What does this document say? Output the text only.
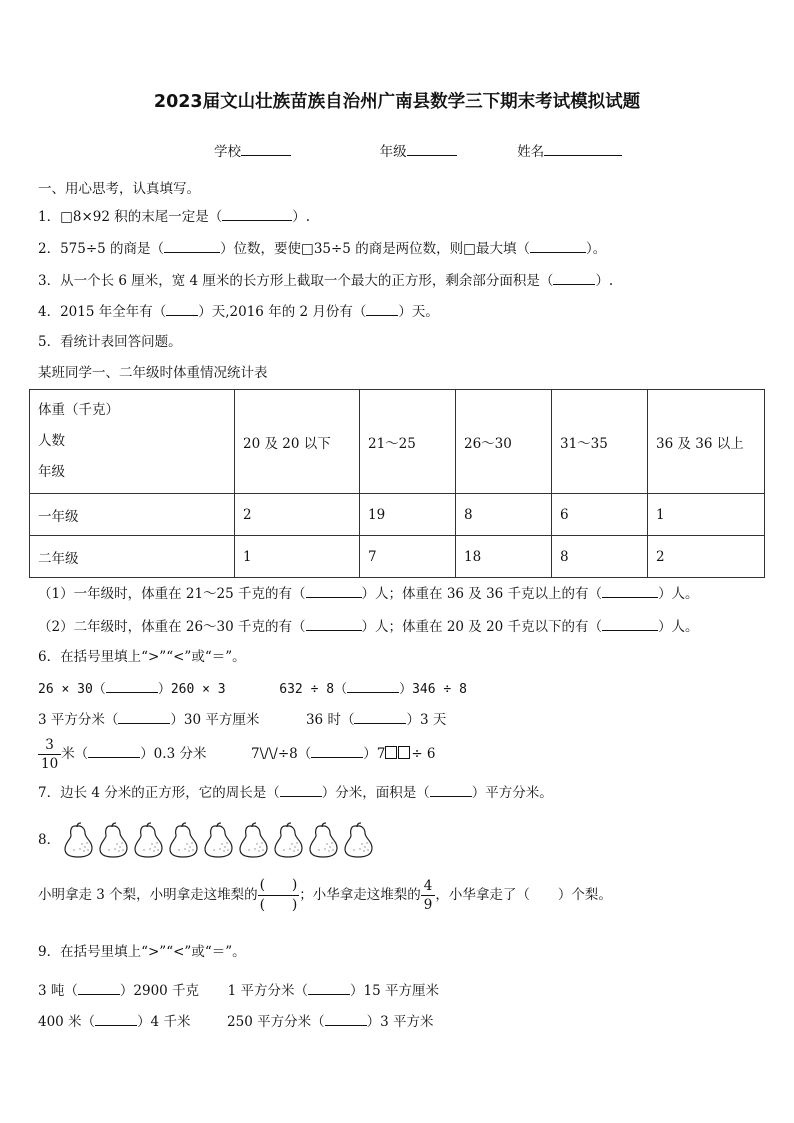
2023届文山壮族苗族自治州广南县数学三下期末考试模拟试题
学校	年级	姓名
一、用心思考，认真填写。
1．□8×92 积的末尾一定是（	）.
2．575÷5 的商是（	）位数，要使□35÷5 的商是两位数，则□最大填（	）。
3．从一个长 6 厘米，宽 4 厘米的长方形上截取一个最大的正方形，剩余部分面积是（	）.
4．2015 年全年有（ ）天,2016 年的 2 月份有（ ）天。
5．看统计表回答问题。
某班同学一、二年级时体重情况统计表
体重（千克）
人数
年级	20 及 20 以下	21～25	26～30	31～35	36 及 36 以上
一年级	2	19	8	6	1
二年级	1	7	18	8	2
（1）一年级时，体重在 21～25 千克的有（	）人；体重在 36 及 36 千克以上的有（	）人。
（2）二年级时，体重在 26～30 千克的有（	）人；体重在 20 及 20 千克以下的有（	）人。
6．在括号里填上“>”“<”或“＝”。
26 × 30（	）260 × 3	632 ÷ 8（	）346 ÷ 8
3 平方分米（	）30 平方厘米	36 时（	）3 天
$\frac{3}{10}$ 米（	）0.3 分米	7\/\/÷8（	）7 ÷ 6
7．边长 4 分米的正方形，它的周长是（	）分米，面积是（	）平方分米。
8．
小明拿走 3 个梨，小明拿走这堆梨的 $\frac{( )}{( )}$ ；小华拿走这堆梨的 $\frac{4}{9}$ ，小华拿走了（ ）个梨。
9．在括号里填上“>”“<”或“＝”。
3 吨（	）2900 千克 1 平方分米（	）15 平方厘米
400 米（	）4 千米	250 平方分米（	）3 平方米
